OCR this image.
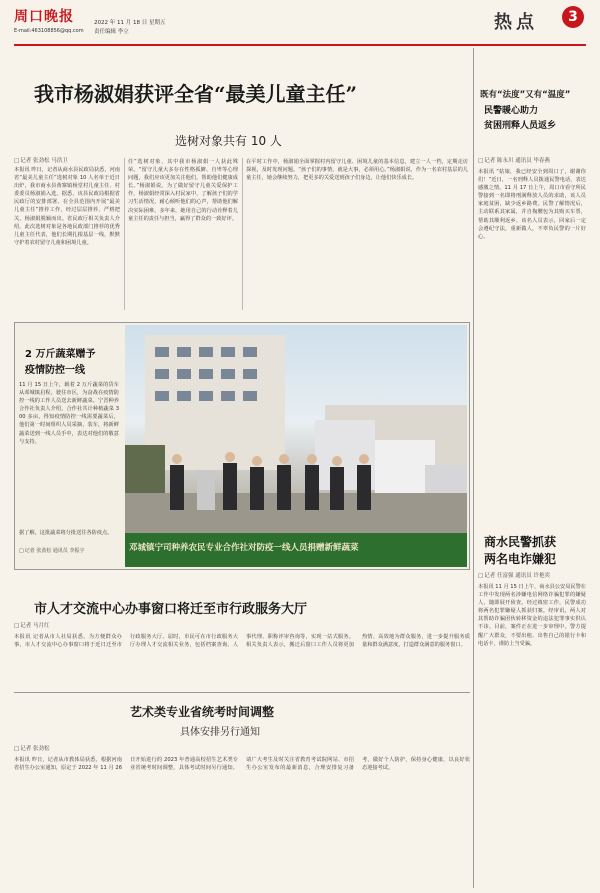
周口晚报
E-mail:463108856@qq.com
2022 年 11 月 18 日 星期五
责任编辑 李立	热点	3
我市杨淑娟获评全省“最美儿童主任”
选树对象共有 10 人
□ 记者 张劲松 马浩卫
本报讯 昨日，记者从商水县民政局获悉，河南省“最美儿童主任”选树对象 10 人名单于近日出炉，我市商水县黄寨镇杨堂村儿童主任、村委委员杨淑娟入选。据悉，该县民政局根据省民政厅的安排部署，在全县范围内开展“最美儿童主任”推荐工作，经过层层推荐、严格把关，杨淑娟脱颖而出。省民政厅相关负责人介绍，此次选树对象是各地民政部门推荐的优秀儿童主任代表，他们长期扎根基层一线，默默守护着农村留守儿童和困境儿童。
任”选树对象，其中我市杨淑娟一人获此殊荣。“留守儿童大多存在性格孤僻、自卑等心理问题，我们应该更加关注他们，帮助他们健康成长。”杨淑娟说。为了做好留守儿童关爱保护工作，杨淑娟经常深入村民家中，了解孩子们的学习生活情况，耐心倾听他们的心声，帮助他们解决实际困难。多年来，她用自己的行动诠释着儿童主任的责任与担当，赢得了群众的一致好评。
在平时工作中，杨淑娟全面掌握村内留守儿童、困境儿童的基本信息，建立一人一档，定期走访探视，及时发现问题。“孩子们的事情，就是大事，必须用心。”杨淑娟说，作为一名农村基层的儿童主任，她会继续努力，把更多的关爱送到孩子们身边，让他们快乐成长。
既有“法度”又有“温度”
民警暖心助力
贫困刑释人员返乡
□ 记者 陈永川 通讯员 毕春燕
本报讯 “姑娘，我已经安全到周口了，谢谢你们！”近日，一名刑释人员拨通民警电话，表达感激之情。11 月 17 日上午，周口市看守所民警接到一名即将刑满释放人员的求助，该人员家庭贫困，缺少返乡路费。民警了解情况后，主动联系其家属，并自掏腰包为其购买车票，帮助其顺利返乡。该名人员表示，回家后一定会遵纪守法，重新做人，不辜负民警的一片好心。
商水民警抓获
两名电诈嫌犯
□ 记者 任富强 通讯员 许艳宾
本报讯 11 月 15 日上午，商水县公安局民警在工作中发现两名涉嫌电信网络诈骗犯罪的嫌疑人，随即展开侦查。经过缜密工作，民警成功将两名犯罪嫌疑人抓获归案。经审讯，两人对其帮助诈骗团伙转移资金的违法犯罪事实供认不讳。目前，案件正在进一步审理中。警方提醒广大群众，不要出租、出售自己的银行卡和电话卡，谨防上当受骗。
2 万斤蔬菜赠予
疫情防控一线
11 月 15 日上午，载着 2 万斤蔬菜的货车从邓城镇启程，驶往市区，为奋战在疫情防控一线的工作人员送去新鲜蔬菜。宁晋种养合作社负责人介绍，合作社共计种植蔬菜 300 多亩，得知疫情防控一线需要蔬菜后，他们第一时间组织人员采摘、装车，将新鲜蔬菜送到一线人员手中，表达对他们的敬意与支持。
据了解，这批蔬菜将分批送往各防疫点。
□ 记者 张劲松 通讯员 李振宇	邓城镇宁司种养农民专业合作社对防疫一线人员捐赠新鲜蔬菜
市人才交流中心办事窗口将迁至市行政服务大厅
□ 记者 马月红
本报讯 记者从市人社局获悉，为方便群众办事，市人才交流中心办事窗口将于近日迁至市行政服务大厅。届时，市民可在市行政服务大厅办理人才交流相关业务，包括档案查询、人事代理、职称评审咨询等，实现一站式服务。相关负责人表示，搬迁后窗口工作人员将更加热情、高效地为群众服务，进一步提升服务质量和群众满意度，打造群众满意的服务窗口。
艺术类专业省统考时间调整
具体安排另行通知
□ 记者 张劲松
本报讯 昨日，记者从市教体局获悉，根据河南省招生办公室通知，原定于 2022 年 11 月 26 日开始进行的 2023 年普通高校招生艺术类专业省统考时间调整，具体考试时间另行通知。请广大考生及时关注省教育考试院网站、市招生办公室发布的最新消息，合理安排复习备考，做好个人防护，保持身心健康，以良好状态迎接考试。
